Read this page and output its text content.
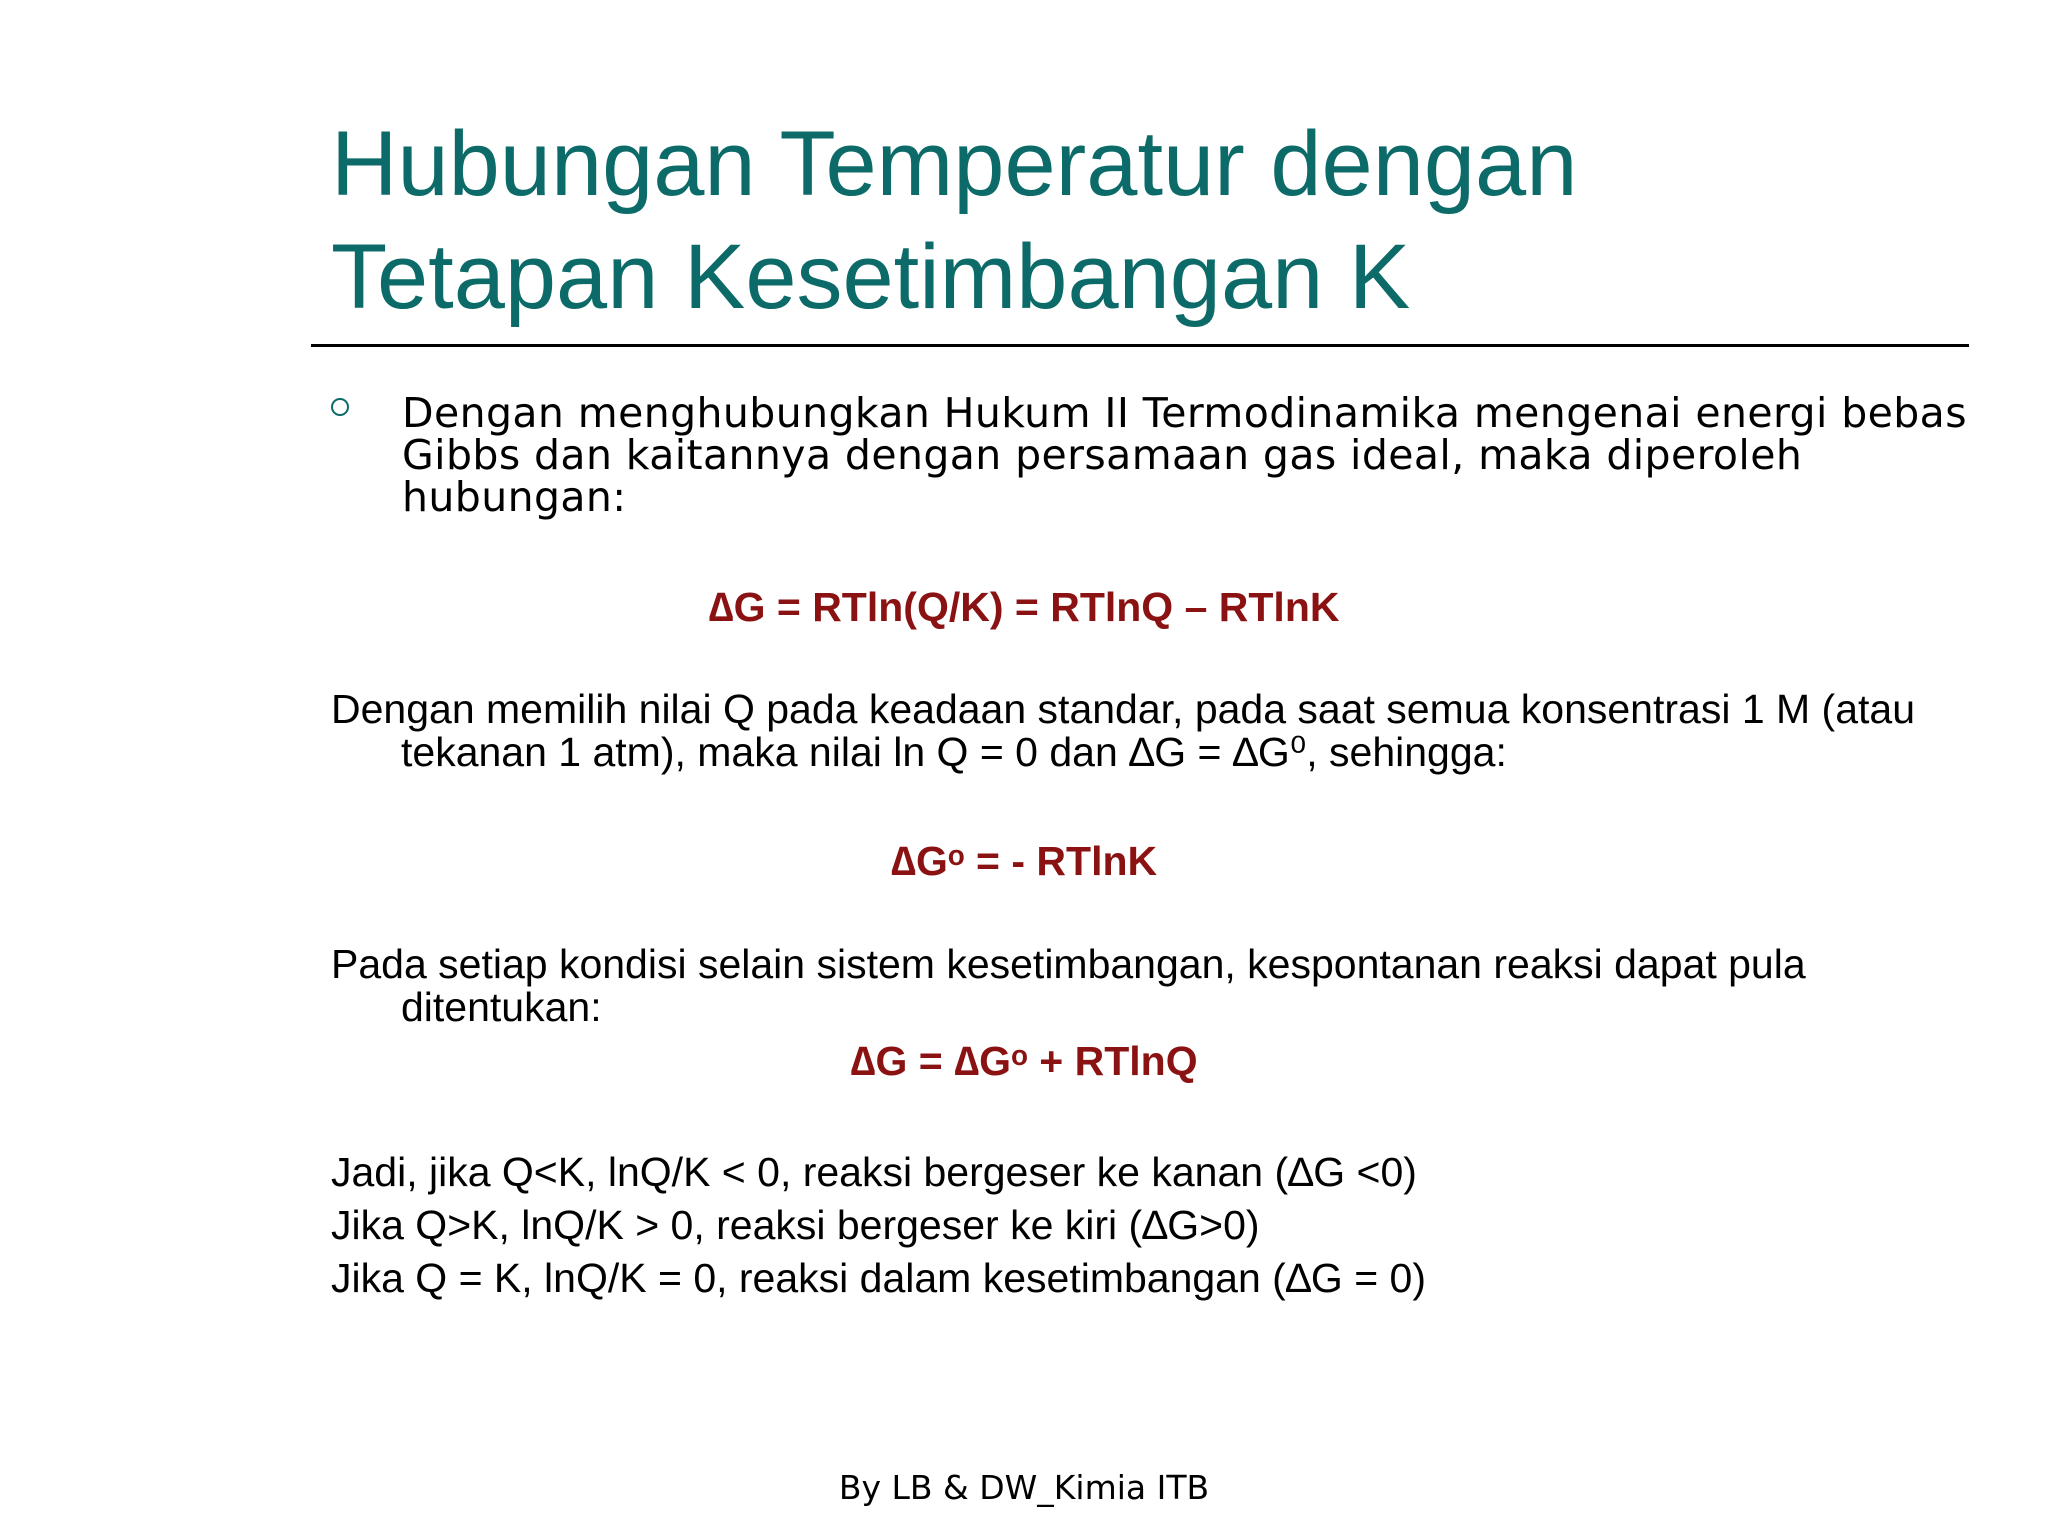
Hubungan Temperatur dengan
Tetapan Kesetimbangan K
Dengan menghubungkan Hukum II Termodinamika mengenai energi bebas Gibbs dan kaitannya dengan persamaan gas ideal, maka diperoleh hubungan:
∆G = RTln(Q/K) = RTlnQ – RTlnK
Dengan memilih nilai Q pada keadaan standar, pada saat semua konsentrasi 1 M (atau tekanan 1 atm), maka nilai ln Q = 0 dan ∆G = ∆G⁰, sehingga:
∆Gᵒ = - RTlnK
Pada setiap kondisi selain sistem kesetimbangan, kespontanan reaksi dapat pula ditentukan:
∆G = ∆Gᵒ + RTlnQ
Jadi, jika Q<K, lnQ/K < 0, reaksi bergeser ke kanan (∆G <0)
Jika Q>K, lnQ/K > 0, reaksi bergeser ke kiri (∆G>0)
Jika Q = K, lnQ/K = 0, reaksi dalam kesetimbangan (∆G = 0)
By LB & DW_Kimia ITB
